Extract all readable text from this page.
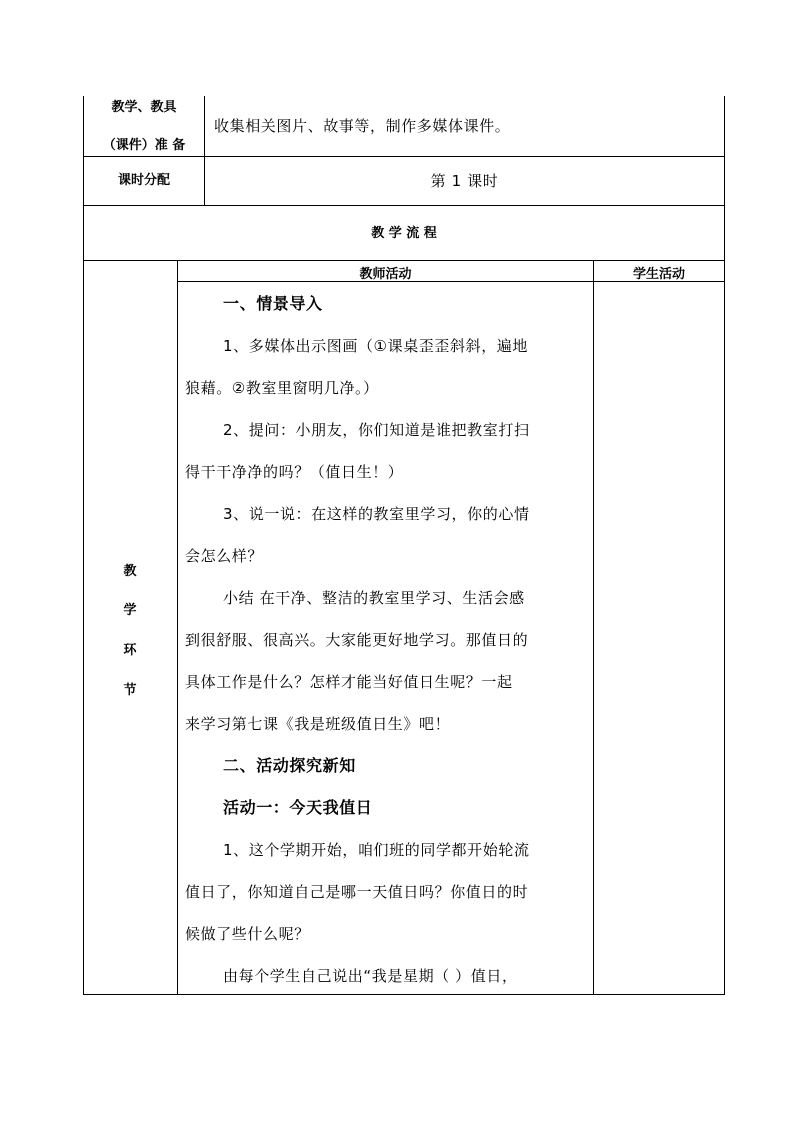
教学、教具
（课件）准 备
收集相关图片、故事等，制作多媒体课件。
课时分配	第 1 课时
教 学 流 程
教师活动	学生活动
教
学
环
节
一、情景导入
1、多媒体出示图画（①课桌歪歪斜斜，遍地
狼藉。②教室里窗明几净。）
2、提问：小朋友，你们知道是谁把教室打扫
得干干净净的吗？（值日生！）
3、说一说：在这样的教室里学习，你的心情
会怎么样？
小结 在干净、整洁的教室里学习、生活会感
到很舒服、很高兴。大家能更好地学习。那值日的
具体工作是什么？怎样才能当好值日生呢？一起
来学习第七课《我是班级值日生》吧！
二、活动探究新知
活动一：今天我值日
1、这个学期开始，咱们班的同学都开始轮流
值日了，你知道自己是哪一天值日吗？你值日的时
候做了些什么呢？
由每个学生自己说出“我是星期（ ）值日，
